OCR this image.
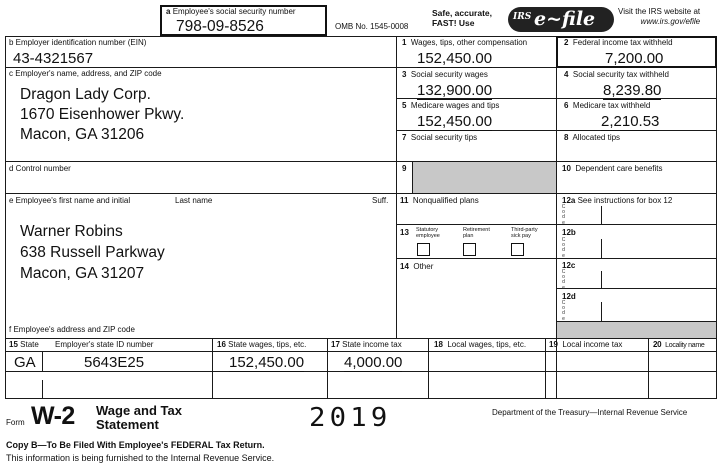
a Employee's social security number
798-09-8526	OMB No. 1545-0008
Safe, accurate,
FAST! Use
IRS e~file	Visit the IRS website at
www.irs.gov/efile
b Employer identification number (EIN)
43-4321567
c Employer's name, address, and ZIP code
Dragon Lady Corp.
1670 Eisenhower Pkwy.
Macon, GA 31206
d Control number
e Employee's first name and initial	Last name	Suff.
Warner Robins
638 Russell Parkway
Macon, GA 31207
f Employee's address and ZIP code
1 Wages, tips, other compensation
152,450.00
3 Social security wages
132,900.00
5 Medicare wages and tips
152,450.00
7 Social security tips
9
11 Nonqualified plans
13 Statutory employee
Retirement plan
Third-party sick pay
14 Other
2 Federal income tax withheld
7,200.00
4 Social security tax withheld
8,239.80
6 Medicare tax withheld
2,210.53
8 Allocated tips
10 Dependent care benefits
12a See instructions for box 12
C o d e
12b
C o d e
12c
C o d e
12d
C o d e
15 State Employer's state ID number
GA	5643E25
16 State wages, tips, etc.
152,450.00
17 State income tax
4,000.00
18 Local wages, tips, etc.	19 Local income tax	20 Locality name
Form W-2 Wage and Tax
Statement	2019	Department of the Treasury—Internal Revenue Service
Copy B—To Be Filed With Employee's FEDERAL Tax Return.
This information is being furnished to the Internal Revenue Service.
